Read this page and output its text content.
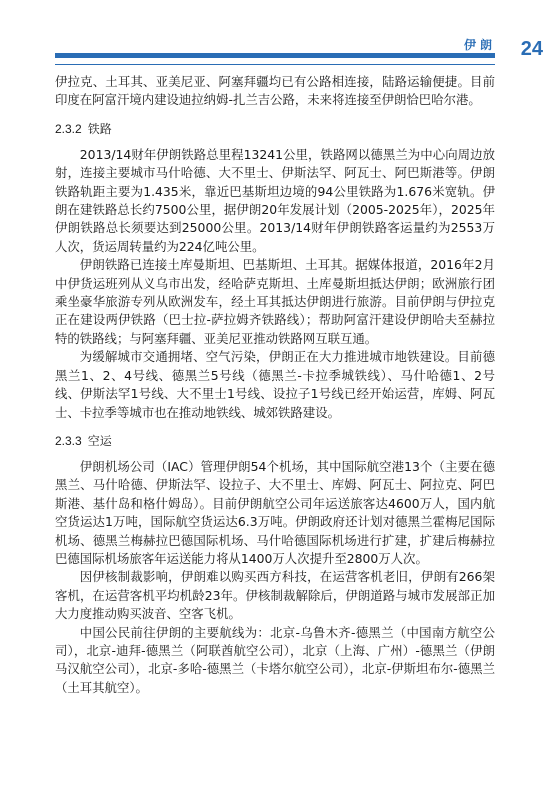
伊朗 24

伊拉克、土耳其、亚美尼亚、阿塞拜疆均已有公路相连接，陆路运输便捷。目前印度在阿富汗境内建设迪拉纳姆-扎兰吉公路，未来将连接至伊朗恰巴哈尔港。

2.3.2 铁路

2013/14财年伊朗铁路总里程13241公里，铁路网以德黑兰为中心向周边放射，连接主要城市马什哈德、大不里士、伊斯法罕、阿瓦士、阿巴斯港等。伊朗铁路轨距主要为1.435米，靠近巴基斯坦边境的94公里铁路为1.676米宽轨。伊朗在建铁路总长约7500公里，据伊朗20年发展计划（2005-2025年），2025年伊朗铁路总长须要达到25000公里。2013/14财年伊朗铁路客运量约为2553万人次，货运周转量约为224亿吨公里。

伊朗铁路已连接土库曼斯坦、巴基斯坦、土耳其。据媒体报道，2016年2月中伊货运班列从义乌市出发，经哈萨克斯坦、土库曼斯坦抵达伊朗；欧洲旅行团乘坐豪华旅游专列从欧洲发车，经土耳其抵达伊朗进行旅游。目前伊朗与伊拉克正在建设两伊铁路（巴士拉-萨拉姆齐铁路线）；帮助阿富汗建设伊朗哈夫至赫拉特的铁路线；与阿塞拜疆、亚美尼亚推动铁路网互联互通。

为缓解城市交通拥堵、空气污染，伊朗正在大力推进城市地铁建设。目前德黑兰1、2、4号线、德黑兰5号线（德黑兰-卡拉季城铁线）、马什哈德1、2号线、伊斯法罕1号线、大不里士1号线、设拉子1号线已经开始运营，库姆、阿瓦士、卡拉季等城市也在推动地铁线、城郊铁路建设。

2.3.3 空运

伊朗机场公司（IAC）管理伊朗54个机场，其中国际航空港13个（主要在德黑兰、马什哈德、伊斯法罕、设拉子、大不里士、库姆、阿瓦士、阿拉克、阿巴斯港、基什岛和格什姆岛）。目前伊朗航空公司年运送旅客达4600万人，国内航空货运达1万吨，国际航空货运达6.3万吨。伊朗政府还计划对德黑兰霍梅尼国际机场、德黑兰梅赫拉巴德国际机场、马什哈德国际机场进行扩建，扩建后梅赫拉巴德国际机场旅客年运送能力将从1400万人次提升至2800万人次。

因伊核制裁影响，伊朗难以购买西方科技，在运营客机老旧，伊朗有266架客机，在运营客机平均机龄23年。伊核制裁解除后，伊朗道路与城市发展部正加大力度推动购买波音、空客飞机。

中国公民前往伊朗的主要航线为：北京-乌鲁木齐-德黑兰（中国南方航空公司），北京-迪拜-德黑兰（阿联酋航空公司），北京（上海、广州）-德黑兰（伊朗马汉航空公司），北京-多哈-德黑兰（卡塔尔航空公司），北京-伊斯坦布尔-德黑兰（土耳其航空）。
